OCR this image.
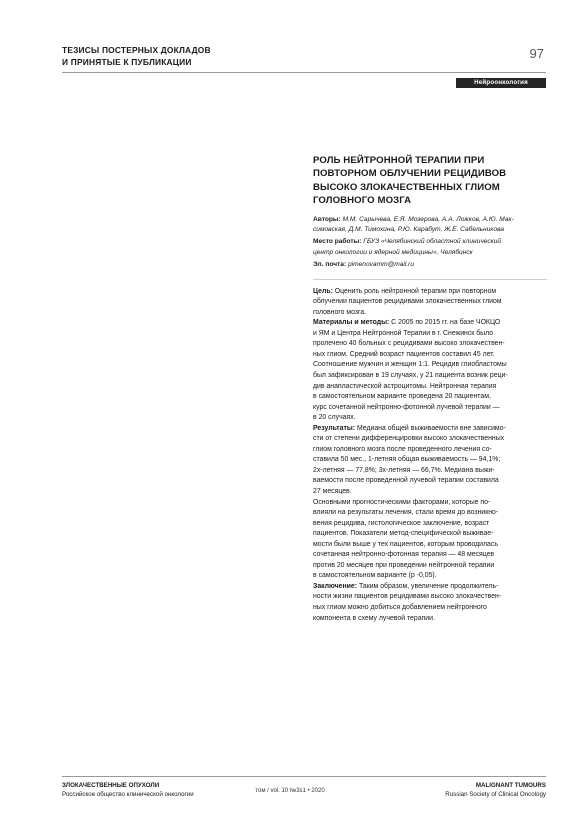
ТЕЗИСЫ ПОСТЕРНЫХ ДОКЛАДОВ
И ПРИНЯТЫЕ К ПУБЛИКАЦИИ
97
Нейроонкология
РОЛЬ НЕЙТРОННОЙ ТЕРАПИИ ПРИ
ПОВТОРНОМ ОБЛУЧЕНИИ РЕЦИДИВОВ
ВЫСОКО ЗЛОКАЧЕСТВЕННЫХ ГЛИОМ
ГОЛОВНОГО МОЗГА

Авторы: М.М. Сарычева, Е.Я. Мозерова, А.А. Ложков, А.Ю. Мак-
симовская, Д.М. Тимохина, Р.Ю. Карабут, Ж.Е. Сабельникова

Место работы: ГБУЗ «Челябинский областной клинический
центр онкологии и ядерной медицины», Челябинск

Эл. почта: pimenovamm@mail.ru

Цель: Оценить роль нейтронной терапии при повторном
облучении пациентов рецидивами злокачественных глиом
головного мозга.

Материалы и методы: С 2005 по 2015 гг. на базе ЧОКЦО
и ЯМ и Центра Нейтронной Терапии в г. Снежинск было
пролечено 40 больных с рецидивами высоко злокачествен-
ных глиом. Средний возраст пациентов составил 45 лет.
Соотношение мужчин и женщин 1:1. Рецидив глиобластомы
был зафиксирован в 19 случаях, у 21 пациента возник реци-
див анапластической астроцитомы. Нейтронная терапия
в самостоятельном варианте проведена 20 пациентам,
курс сочетанной нейтронно-фотонной лучевой терапии —
в 20 случаях.

Результаты: Медиана общей выживаемости вне зависимо-
сти от степени дифференцировки высоко злокачественных
глиом головного мозга после проведенного лечения со-
ставила 50 мес., 1-летняя общая выживаемость — 94,1%;
2х-летняя — 77,8%; 3х-летняя — 66,7%. Медиана выжи-
ваемости после проведенной лучевой терапии составила
27 месяцев.

Основными прогностическими факторами, которые по-
влияли на результаты лечения, стали время до возникно-
вения рецидива, гистологическое заключение, возраст
пациентов. Показатели метод-специфической выживае-
мости были выше у тех пациентов, которым проводилась
сочетанная нейтронно-фотонная терапия — 48 месяцев
против 20 месяцев при проведении нейтронной терапии
в самостоятельном варианте (p -0,05).

Заключение: Таким образом, увеличение продолжитель-
ности жизни пациентов рецидивами высоко злокачествен-
ных глиом можно добиться добавлением нейтронного
компонента в схему лучевой терапии.

ЗЛОКАЧЕСТВЕННЫЕ ОПУХОЛИ
Российское общество клинической онкологии	том / vol. 10 №3s1 • 2020
MALIGNANT TUMOURS
Russian Society of Clinical Oncology
